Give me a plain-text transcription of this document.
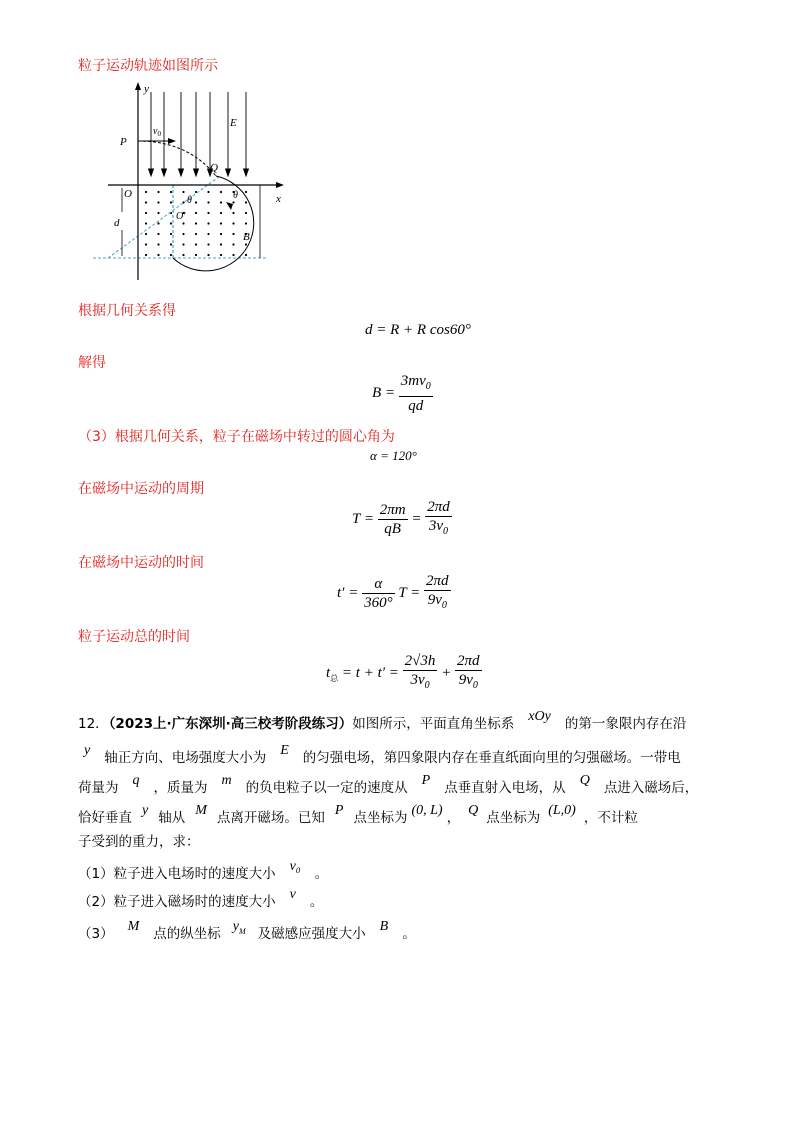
粒子运动轨迹如图所示
y
x
P
$v_0$
E
Q
O
O′
θ	θ
d
B
根据几何关系得
d = R + R cos60°
解得
$B = \frac{3mv_0}{qd}$
（3）根据几何关系，粒子在磁场中转过的圆心角为
α = 120°
在磁场中运动的周期
$T = \frac{2\pi m}{qB} = \frac{2\pi d}{3v_0}$
在磁场中运动的时间
$t' = \frac{\alpha}{360^\circ}$ $T = \frac{2\pi d}{9v_0}$
粒子运动总的时间
$t_总 = t + t' = \frac{2√3h}{3v_0} + \frac{2\pi d}{9v_0}$
12．（2023上·广东深圳·高三校考阶段练习）如图所示，平面直角坐标系 xOy 的第一象限内存在沿
y 轴正方向、电场强度大小为 E 的匀强电场，第四象限内存在垂直纸面向里的匀强磁场。一带电
荷量为 q ，质量为 m 的负电粒子以一定的速度从 P 点垂直射入电场，从 Q 点进入磁场后，
恰好垂直 y 轴从 M 点离开磁场。已知 P 点坐标为 (0, L) ， Q 点坐标为 (L,0) ，不计粒
子受到的重力，求：
（1）粒子进入电场时的速度大小 v₀ 。
（2）粒子进入磁场时的速度大小 v 。
（3） M 点的纵坐标 $y_M$ 及磁感应强度大小 B 。
